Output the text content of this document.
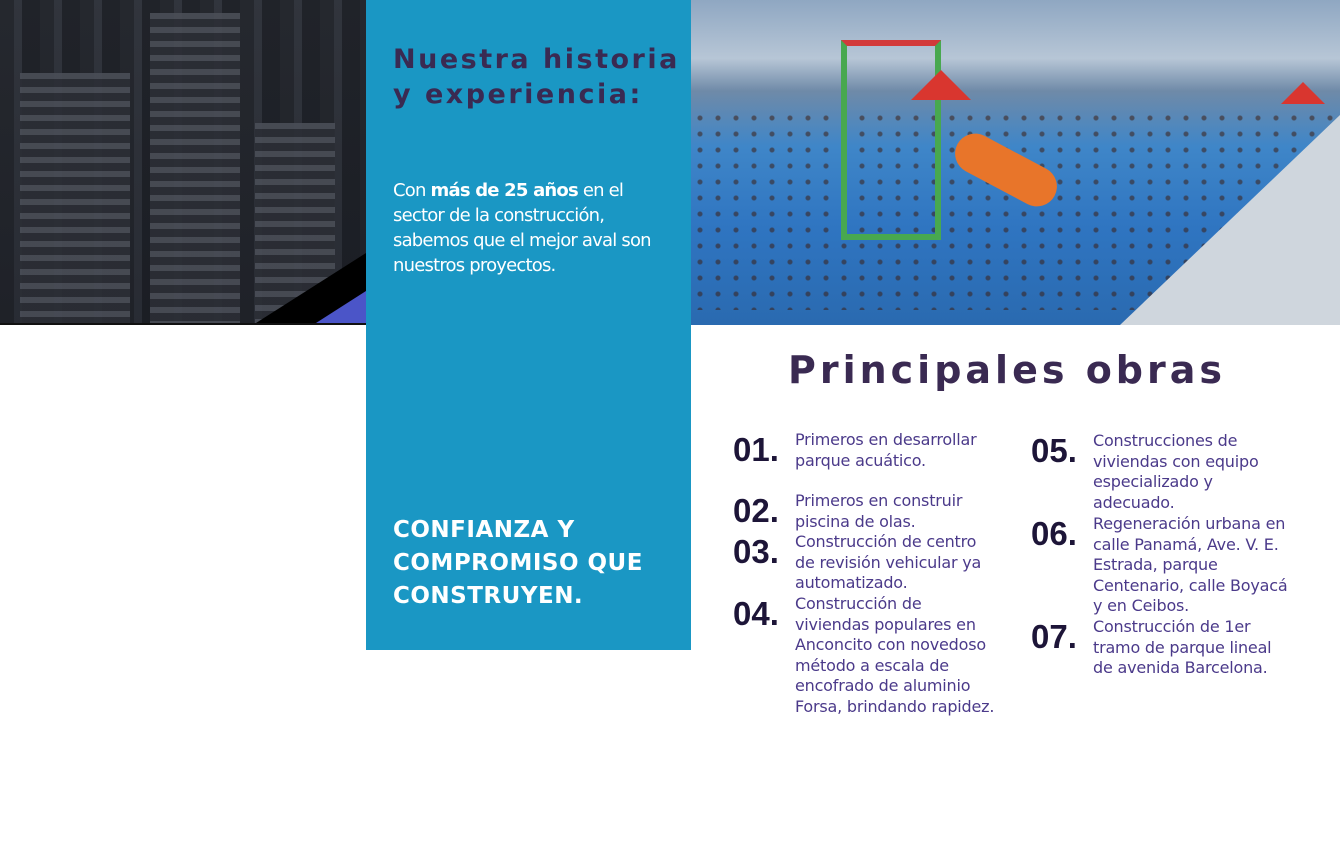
Nuestra historia y experiencia:

Con más de 25 años en el sector de la construcción, sabemos que el mejor aval son nuestros proyectos.

CONFIANZA Y COMPROMISO QUE CONSTRUYEN.

Principales obras
01.	Primeros en desarrollar parque acuático.
02.	Primeros en construir piscina de olas.
03.	Construcción de centro de revisión vehicular ya automatizado.
04.	Construcción de viviendas populares en Anconcito con novedoso método a escala de encofrado de aluminio Forsa, brindando rapidez.
05.	Construcciones de viviendas con equipo especializado y adecuado.
06.	Regeneración urbana en calle Panamá, Ave. V. E. Estrada, parque Centenario, calle Boyacá y en Ceibos.
07.	Construcción de 1er tramo de parque lineal de avenida Barcelona.
